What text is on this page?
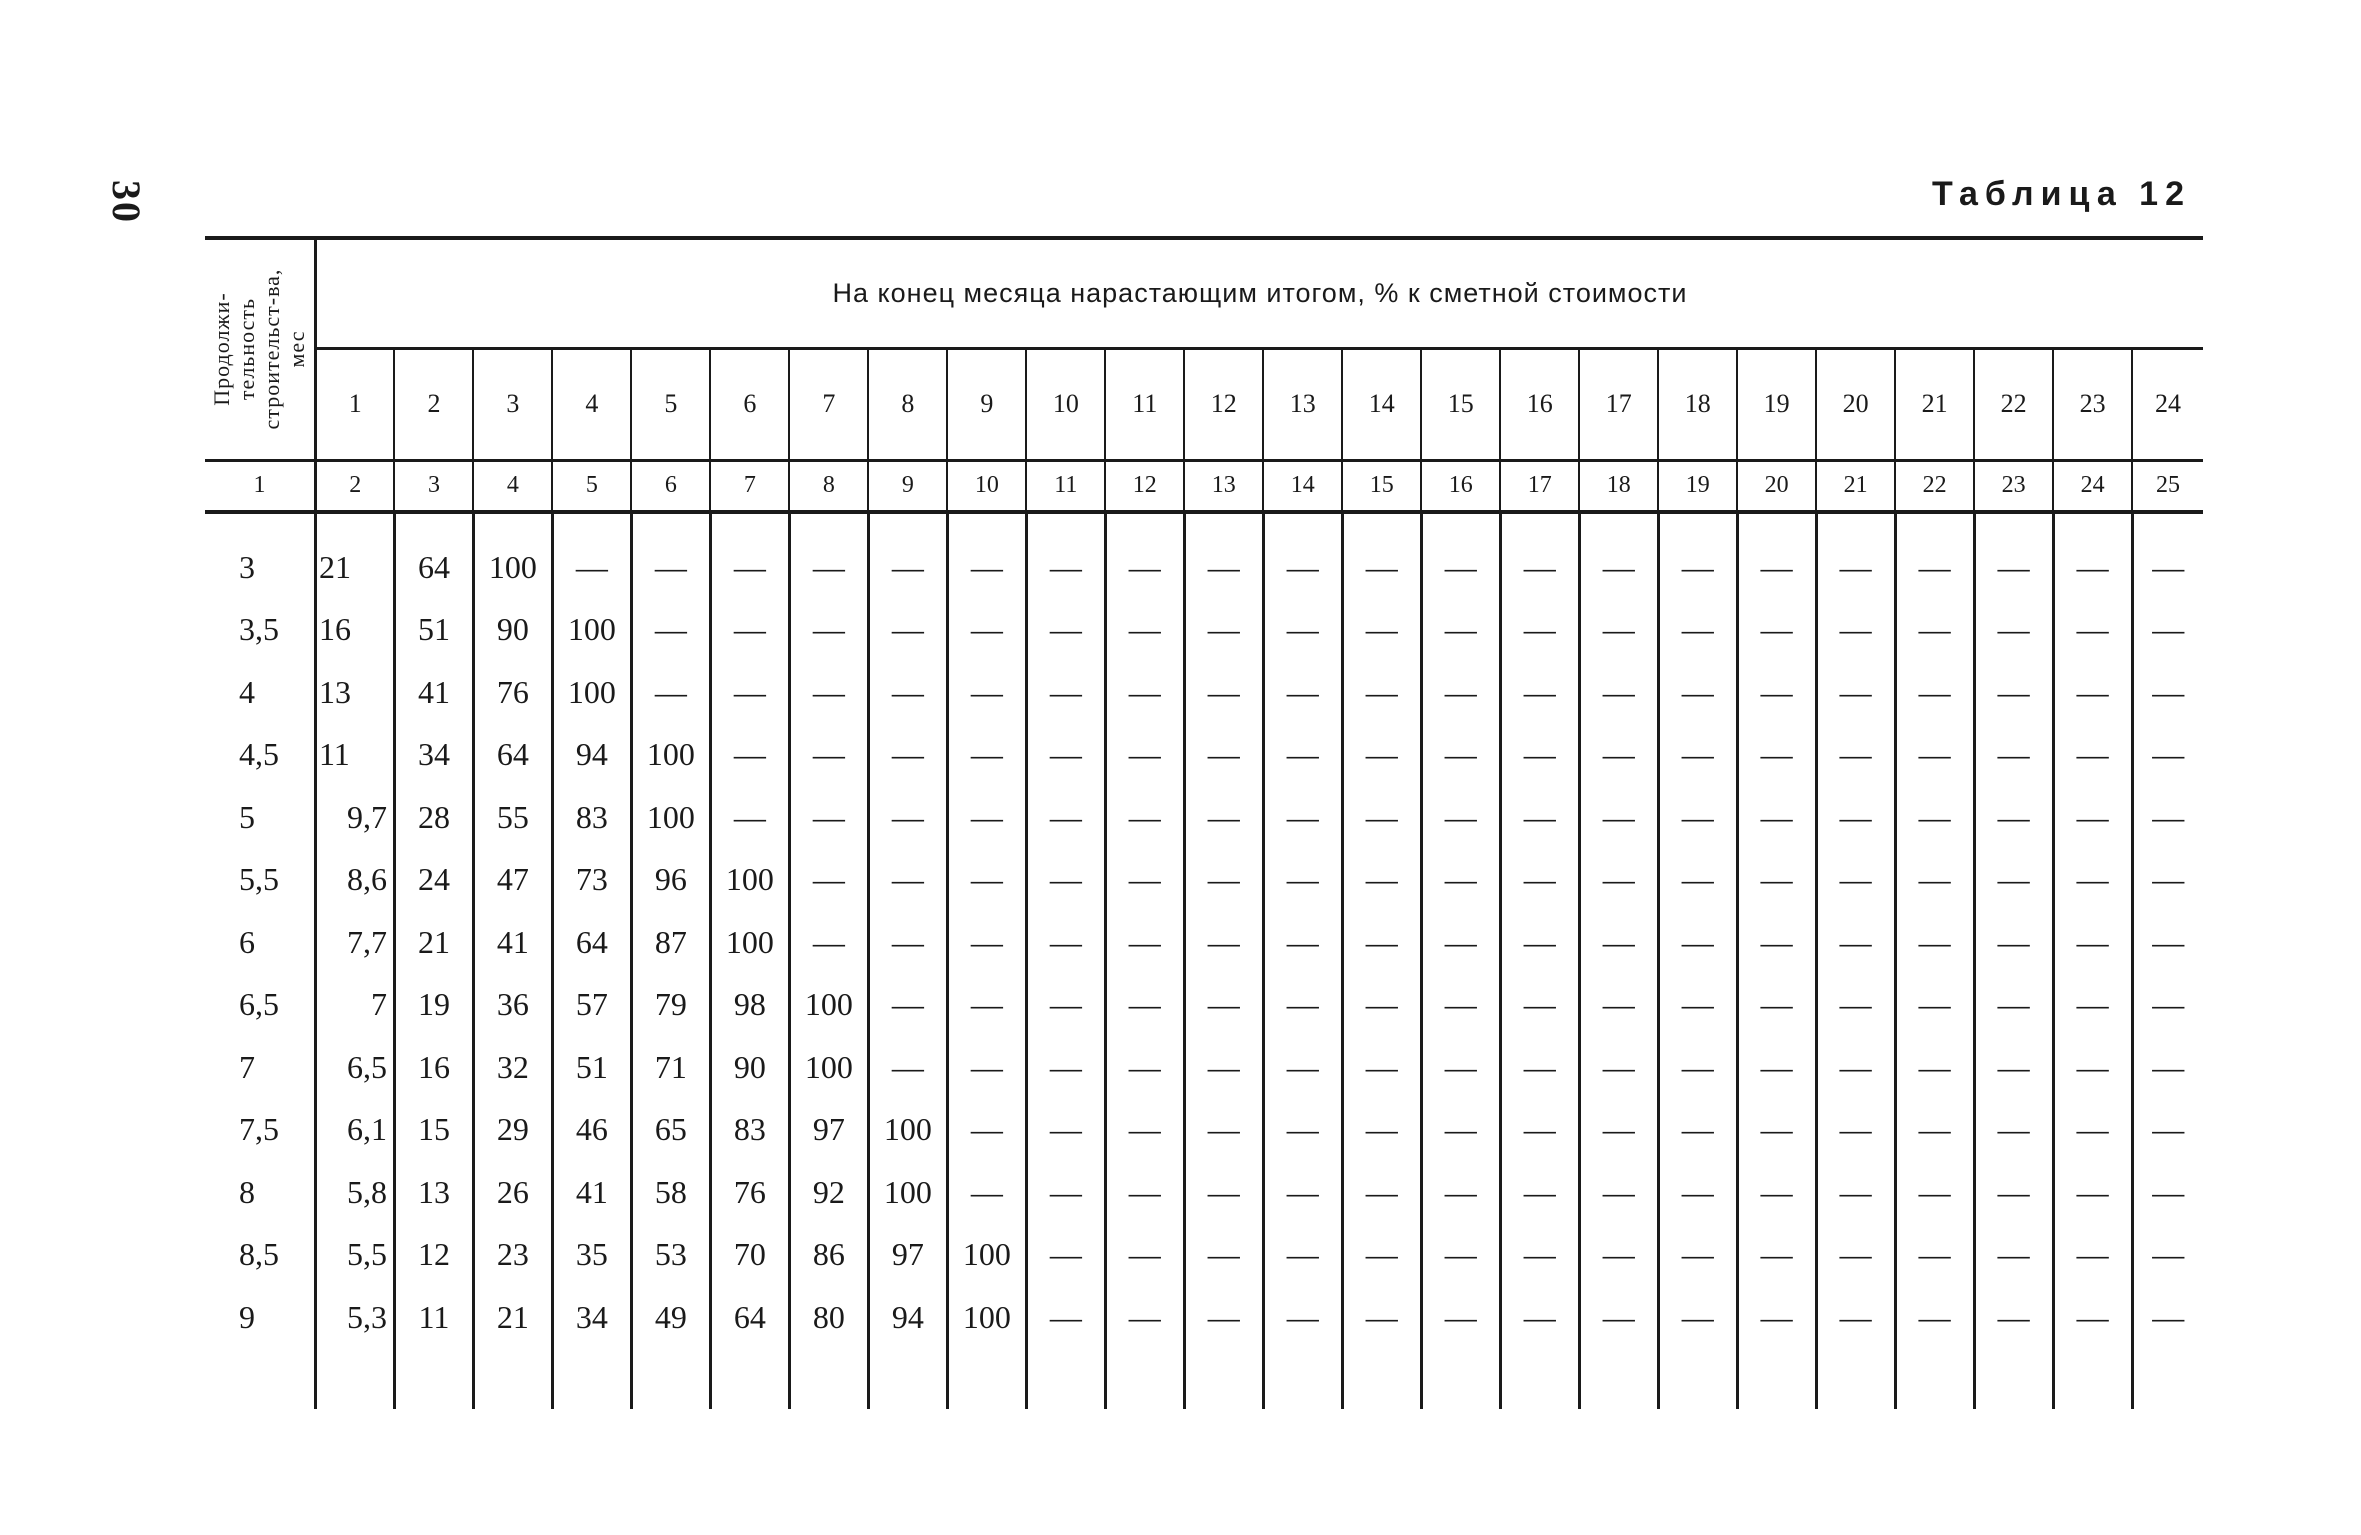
30	Таблица 12
Продолжи-тельность строительст-ва, мес	На конец месяца нарастающим итогом, % к сметной стоимости																							
	1	2	3	4	5	6	7	8	9	10	11	12	13	14	15	16	17	18	19	20	21	22	23	24
1	2	3	4	5	6	7	8	9	10	11	12	13	14	15	16	17	18	19	20	21	22	23	24	25

3	21	64	100	—	—	—	—	—	—	—	—	—	—	—	—	—	—	—	—	—	—	—	—	—
3,5	16	51	90	100	—	—	—	—	—	—	—	—	—	—	—	—	—	—	—	—	—	—	—	—
4	13	41	76	100	—	—	—	—	—	—	—	—	—	—	—	—	—	—	—	—	—	—	—	—
4,5	11	34	64	94	100	—	—	—	—	—	—	—	—	—	—	—	—	—	—	—	—	—	—	—
5	9,7	28	55	83	100	—	—	—	—	—	—	—	—	—	—	—	—	—	—	—	—	—	—	—
5,5	8,6	24	47	73	96	100	—	—	—	—	—	—	—	—	—	—	—	—	—	—	—	—	—	—
6	7,7	21	41	64	87	100	—	—	—	—	—	—	—	—	—	—	—	—	—	—	—	—	—	—
6,5	7	19	36	57	79	98	100	—	—	—	—	—	—	—	—	—	—	—	—	—	—	—	—	—
7	6,5	16	32	51	71	90	100	—	—	—	—	—	—	—	—	—	—	—	—	—	—	—	—	—
7,5	6,1	15	29	46	65	83	97	100	—	—	—	—	—	—	—	—	—	—	—	—	—	—	—	—
8	5,8	13	26	41	58	76	92	100	—	—	—	—	—	—	—	—	—	—	—	—	—	—	—	—
8,5	5,5	12	23	35	53	70	86	97	100	—	—	—	—	—	—	—	—	—	—	—	—	—	—	—
9	5,3	11	21	34	49	64	80	94	100	—	—	—	—	—	—	—	—	—	—	—	—	—	—	—
